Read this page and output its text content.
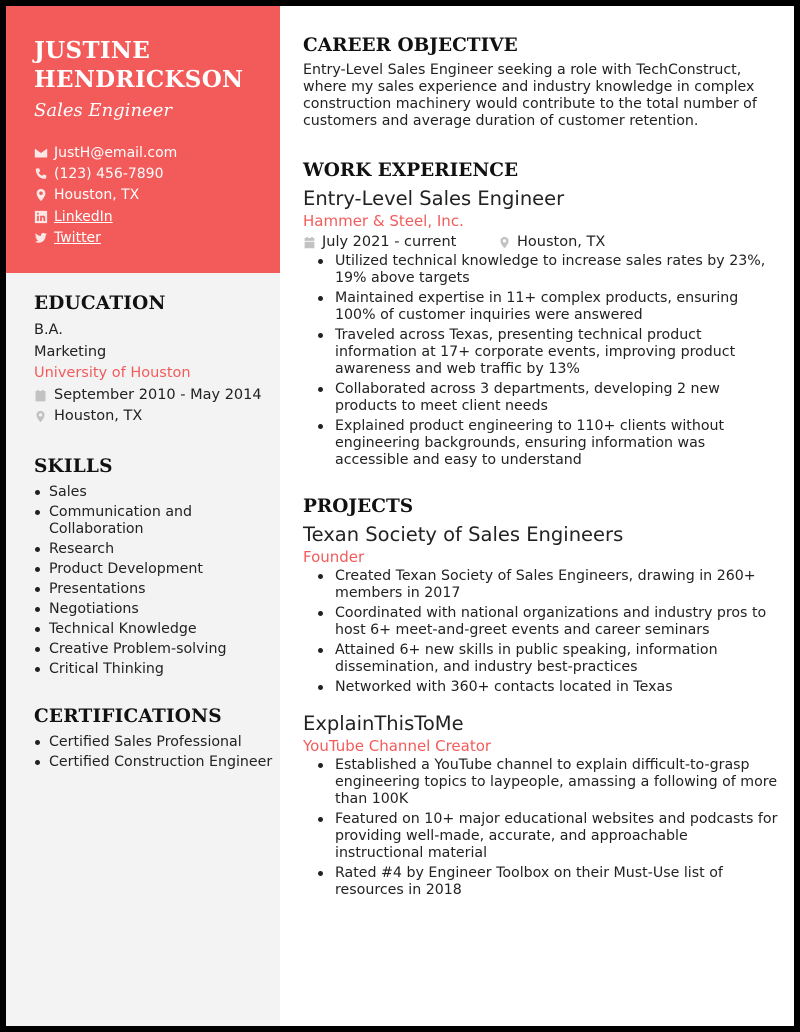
JUSTINE HENDRICKSON
Sales Engineer
JustH@email.com
(123) 456-7890
Houston, TX
LinkedIn
Twitter
EDUCATION
B.A.
Marketing
University of Houston
September 2010 - May 2014
Houston, TX
SKILLS
Sales
Communication and Collaboration
Research
Product Development
Presentations
Negotiations
Technical Knowledge
Creative Problem-solving
Critical Thinking
CERTIFICATIONS
Certified Sales Professional
Certified Construction Engineer
CAREER OBJECTIVE

Entry-Level Sales Engineer seeking a role with TechConstruct, where my sales experience and industry knowledge in complex construction machinery would contribute to the total number of customers and average duration of customer retention.

WORK EXPERIENCE
Entry-Level Sales Engineer
Hammer & Steel, Inc.
July 2021 - current	Houston, TX
Utilized technical knowledge to increase sales rates by 23%, 19% above targets
Maintained expertise in 11+ complex products, ensuring 100% of customer inquiries were answered
Traveled across Texas, presenting technical product information at 17+ corporate events, improving product awareness and web traffic by 13%
Collaborated across 3 departments, developing 2 new products to meet client needs
Explained product engineering to 110+ clients without engineering backgrounds, ensuring information was accessible and easy to understand
PROJECTS
Texan Society of Sales Engineers
Founder
Created Texan Society of Sales Engineers, drawing in 260+ members in 2017
Coordinated with national organizations and industry pros to host 6+ meet-and-greet events and career seminars
Attained 6+ new skills in public speaking, information dissemination, and industry best-practices
Networked with 360+ contacts located in Texas
ExplainThisToMe
YouTube Channel Creator
Established a YouTube channel to explain difficult-to-grasp engineering topics to laypeople, amassing a following of more than 100K
Featured on 10+ major educational websites and podcasts for providing well-made, accurate, and approachable instructional material
Rated #4 by Engineer Toolbox on their Must-Use list of resources in 2018
